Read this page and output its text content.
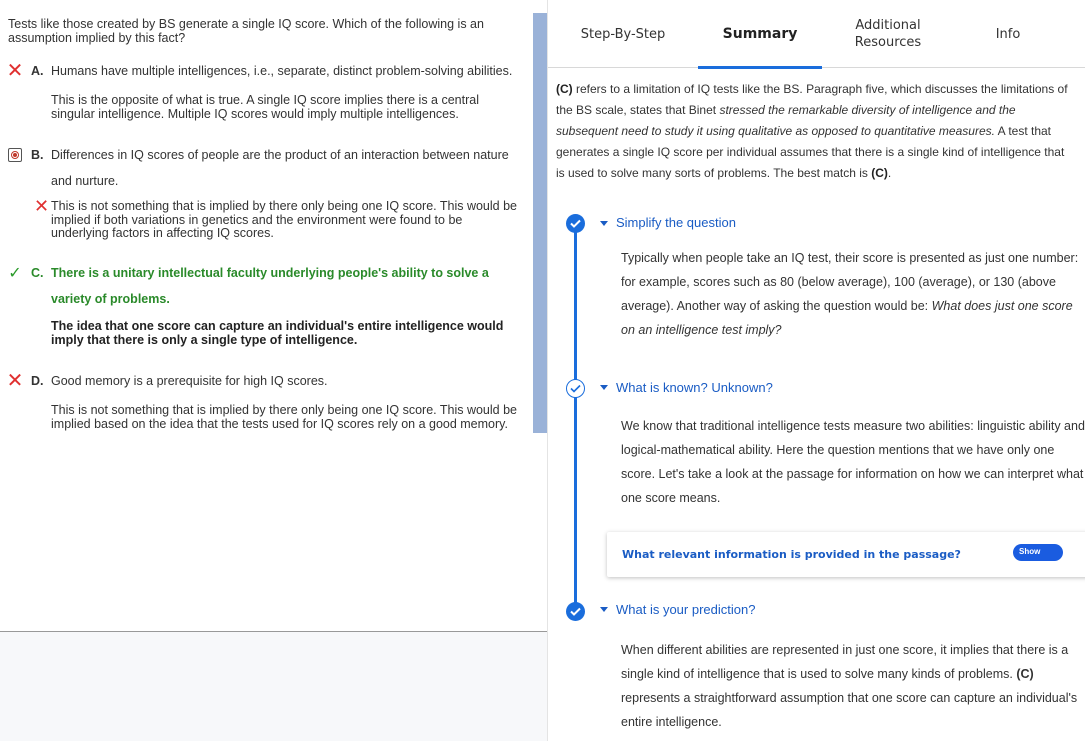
Tests like those created by BS generate a single IQ score. Which of the following is an assumption implied by this fact?
✕ A. Humans have multiple intelligences, i.e., separate, distinct problem-solving abilities.
This is the opposite of what is true. A single IQ score implies there is a central singular intelligence. Multiple IQ scores would imply multiple intelligences.
B. Differences in IQ scores of people are the product of an interaction between nature and nurture.
✕ This is not something that is implied by there only being one IQ score. This would be implied if both variations in genetics and the environment were found to be underlying factors in affecting IQ scores.
✓ C. There is a unitary intellectual faculty underlying people's ability to solve a variety of problems.
The idea that one score can capture an individual's entire intelligence would imply that there is only a single type of intelligence.
✕ D. Good memory is a prerequisite for high IQ scores.
This is not something that is implied by there only being one IQ score. This would be implied based on the idea that the tests used for IQ scores rely on a good memory.
Step-By-Step	Summary	Additional Resources
Info
(C) refers to a limitation of IQ tests like the BS. Paragraph five, which discusses the limitations of the BS scale, states that Binet stressed the remarkable diversity of intelligence and the subsequent need to study it using qualitative as opposed to quantitative measures. A test that generates a single IQ score per individual assumes that there is a single kind of intelligence that is used to solve many sorts of problems. The best match is (C).
Simplify the question
Typically when people take an IQ test, their score is presented as just one number: for example, scores such as 80 (below average), 100 (average), or 130 (above average). Another way of asking the question would be: What does just one score on an intelligence test imply?
What is known? Unknown?
We know that traditional intelligence tests measure two abilities: linguistic ability and logical-mathematical ability. Here the question mentions that we have only one score. Let's take a look at the passage for information on how we can interpret what one score means.
What relevant information is provided in the passage?	Show
What is your prediction?
When different abilities are represented in just one score, it implies that there is a single kind of intelligence that is used to solve many kinds of problems. (C) represents a straightforward assumption that one score can capture an individual's entire intelligence.
